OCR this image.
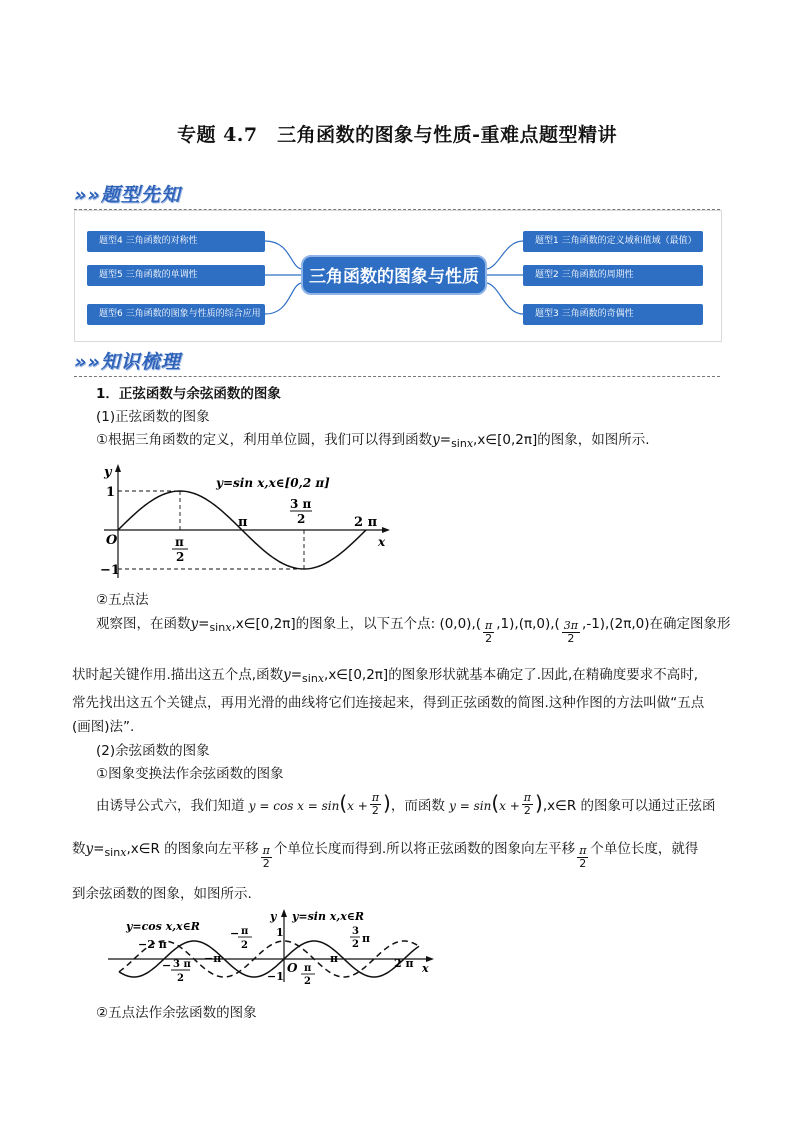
专题 4.7　三角函数的图象与性质-重难点题型精讲
»»题型先知
题型4 三角函数的对称性
题型5 三角函数的单调性
题型6 三角函数的图象与性质的综合应用
三角函数的图象与性质
题型1 三角函数的定义域和值域（最值）
题型2 三角函数的周期性
题型3 三角函数的奇偶性
»»知识梳理
1．正弦函数与余弦函数的图象
(1)正弦函数的图象
①根据三角函数的定义，利用单位圆，我们可以得到函数$y=_{sinx},x\in[0,2\pi]$的图象，如图所示.
y
x
O
1
−1
π	2 π
π
2
3 π
2
y=sin x,x∈[0,2 π]
②五点法
观察图，在函数$y=_{sinx},x\in[0,2\pi]$的图象上，以下五个点: $(0,0),( \frac{\pi}{2} ,1),(\pi,0),( \frac{3\pi}{2} ,-1),(2\pi,0)$在确定图象形
状时起关键作用.描出这五个点,函数$y=_{sinx},x\in[0,2\pi]$的图象形状就基本确定了.因此,在精确度要求不高时,
常先找出这五个关键点，再用光滑的曲线将它们连接起来，得到正弦函数的简图.这种作图的方法叫做“五点
(画图)法”.
(2)余弦函数的图象
①图象变换法作余弦函数的图象
由诱导公式六，我们知道 $y = \cos x = \sin(x + \frac{\pi}{2}$ )，而函数 $y = \sin(x + \frac{\pi}{2}$ ),x∈R 的图象可以通过正弦函
数$y=_{sinx},x\in R$ 的图象向左平移 $\frac{\pi}{2}$ 个单位长度而得到.所以将正弦函数的图象向左平移 $\frac{\pi}{2}$ 个单位长度，就得
到余弦函数的图象，如图所示.
y
x
O
1
−1
−2 π
−π	π	2 π
− π
2
− 3 π
2
π
2
3
2 π
y=cos x,x∈R
y=sin x,x∈R
②五点法作余弦函数的图象
